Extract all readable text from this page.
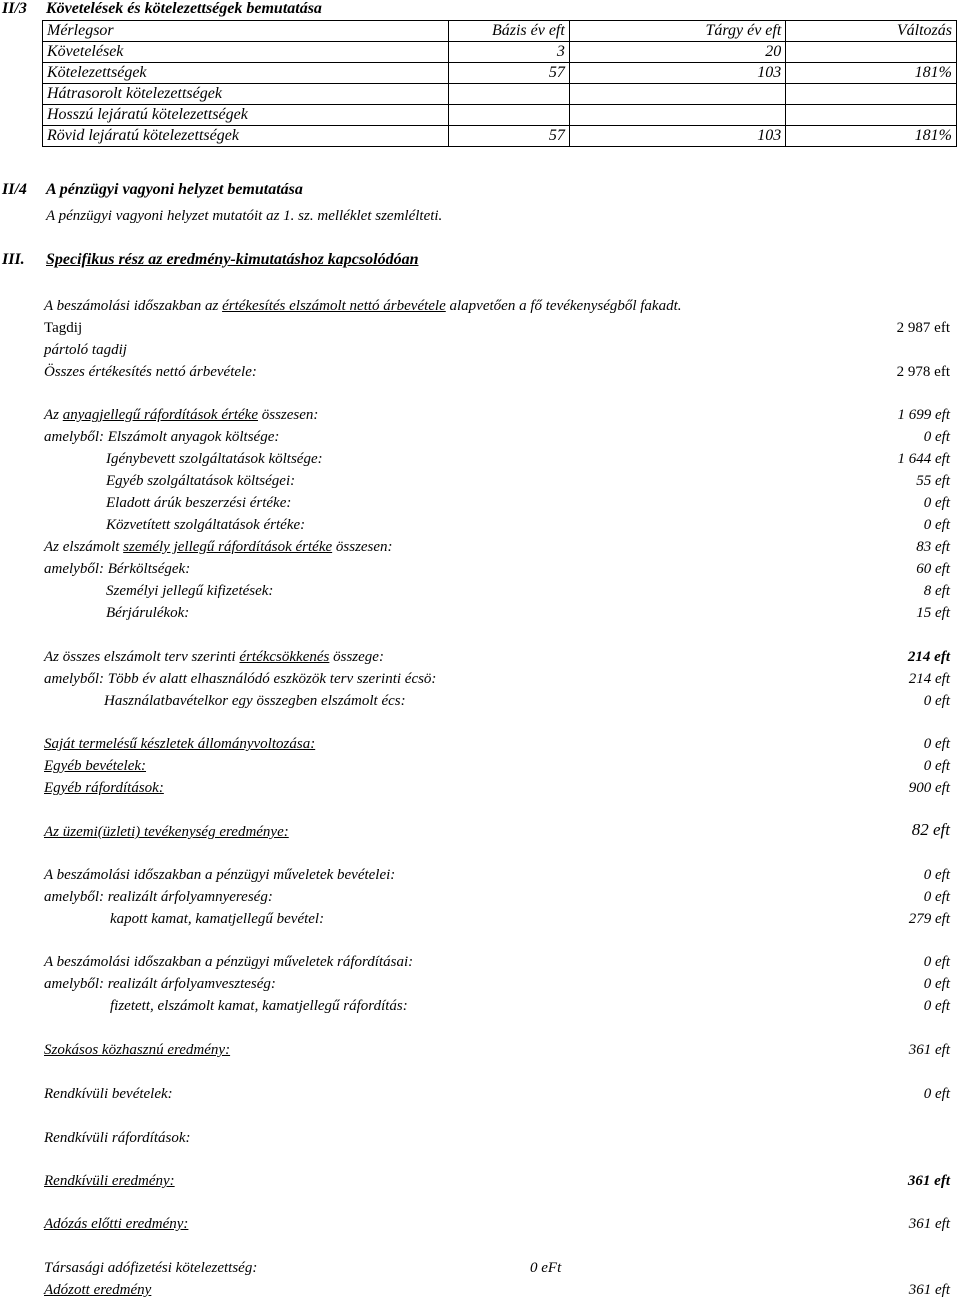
II/3 Követelések és kötelezettségek bemutatása
Mérlegsor	Bázis év eft	Tárgy év eft	Változás
Követelések	3	20	
Kötelezettségek	57	103	181%
Hátrasorolt kötelezettségek			
Hosszú lejáratú kötelezettségek			
Rövid lejáratú kötelezettségek	57	103	181%
II/4 A pénzügyi vagyoni helyzet bemutatása
A pénzügyi vagyoni helyzet mutatóit az 1. sz. melléklet szemlélteti.
III. Specifikus rész az eredmény-kimutatáshoz kapcsolódóan
A beszámolási időszakban az értékesítés elszámolt nettó árbevétele alapvetően a fő tevékenységből fakadt.
Tagdij	2 987 eft
pártoló tagdij
Összes értékesítés nettó árbevétele:	2 978 eft
Az anyagjellegű ráfordítások értéke összesen:	1 699 eft
amelyből: Elszámolt anyagok költsége:	0 eft
Igénybevett szolgáltatások költsége:	1 644 eft
Egyéb szolgáltatások költségei:	55 eft
Eladott árúk beszerzési értéke:	0 eft
Közvetített szolgáltatások értéke:	0 eft
Az elszámolt személy jellegű ráfordítások értéke összesen:	83 eft
amelyből: Bérköltségek:	60 eft
Személyi jellegű kifizetések:	8 eft
Bérjárulékok:	15 eft
Az összes elszámolt terv szerinti értékcsökkenés összege:	214 eft
amelyből: Több év alatt elhasználódó eszközök terv szerinti écsö:	214 eft
Használatbavételkor egy összegben elszámolt écs:	0 eft
Saját termelésű készletek állományvoltozása:	0 eft
Egyéb bevételek:	0 eft
Egyéb ráfordítások:	900 eft
Az üzemi(üzleti) tevékenység eredménye:	82 eft
A beszámolási időszakban a pénzügyi műveletek bevételei:	0 eft
amelyből: realizált árfolyamnyereség:	0 eft
kapott kamat, kamatjellegű bevétel:	279 eft
A beszámolási időszakban a pénzügyi műveletek ráfordításai:	0 eft
amelyből: realizált árfolyamveszteség:	0 eft
fizetett, elszámolt kamat, kamatjellegű ráfordítás:	0 eft
Szokásos közhasznú eredmény:	361 eft
Rendkívüli bevételek:	0 eft
Rendkívüli ráfordítások:
Rendkívüli eredmény:	361 eft
Adózás előtti eredmény:	361 eft
Társasági adófizetési kötelezettség:	0 eFt
Adózott eredmény	361 eft
